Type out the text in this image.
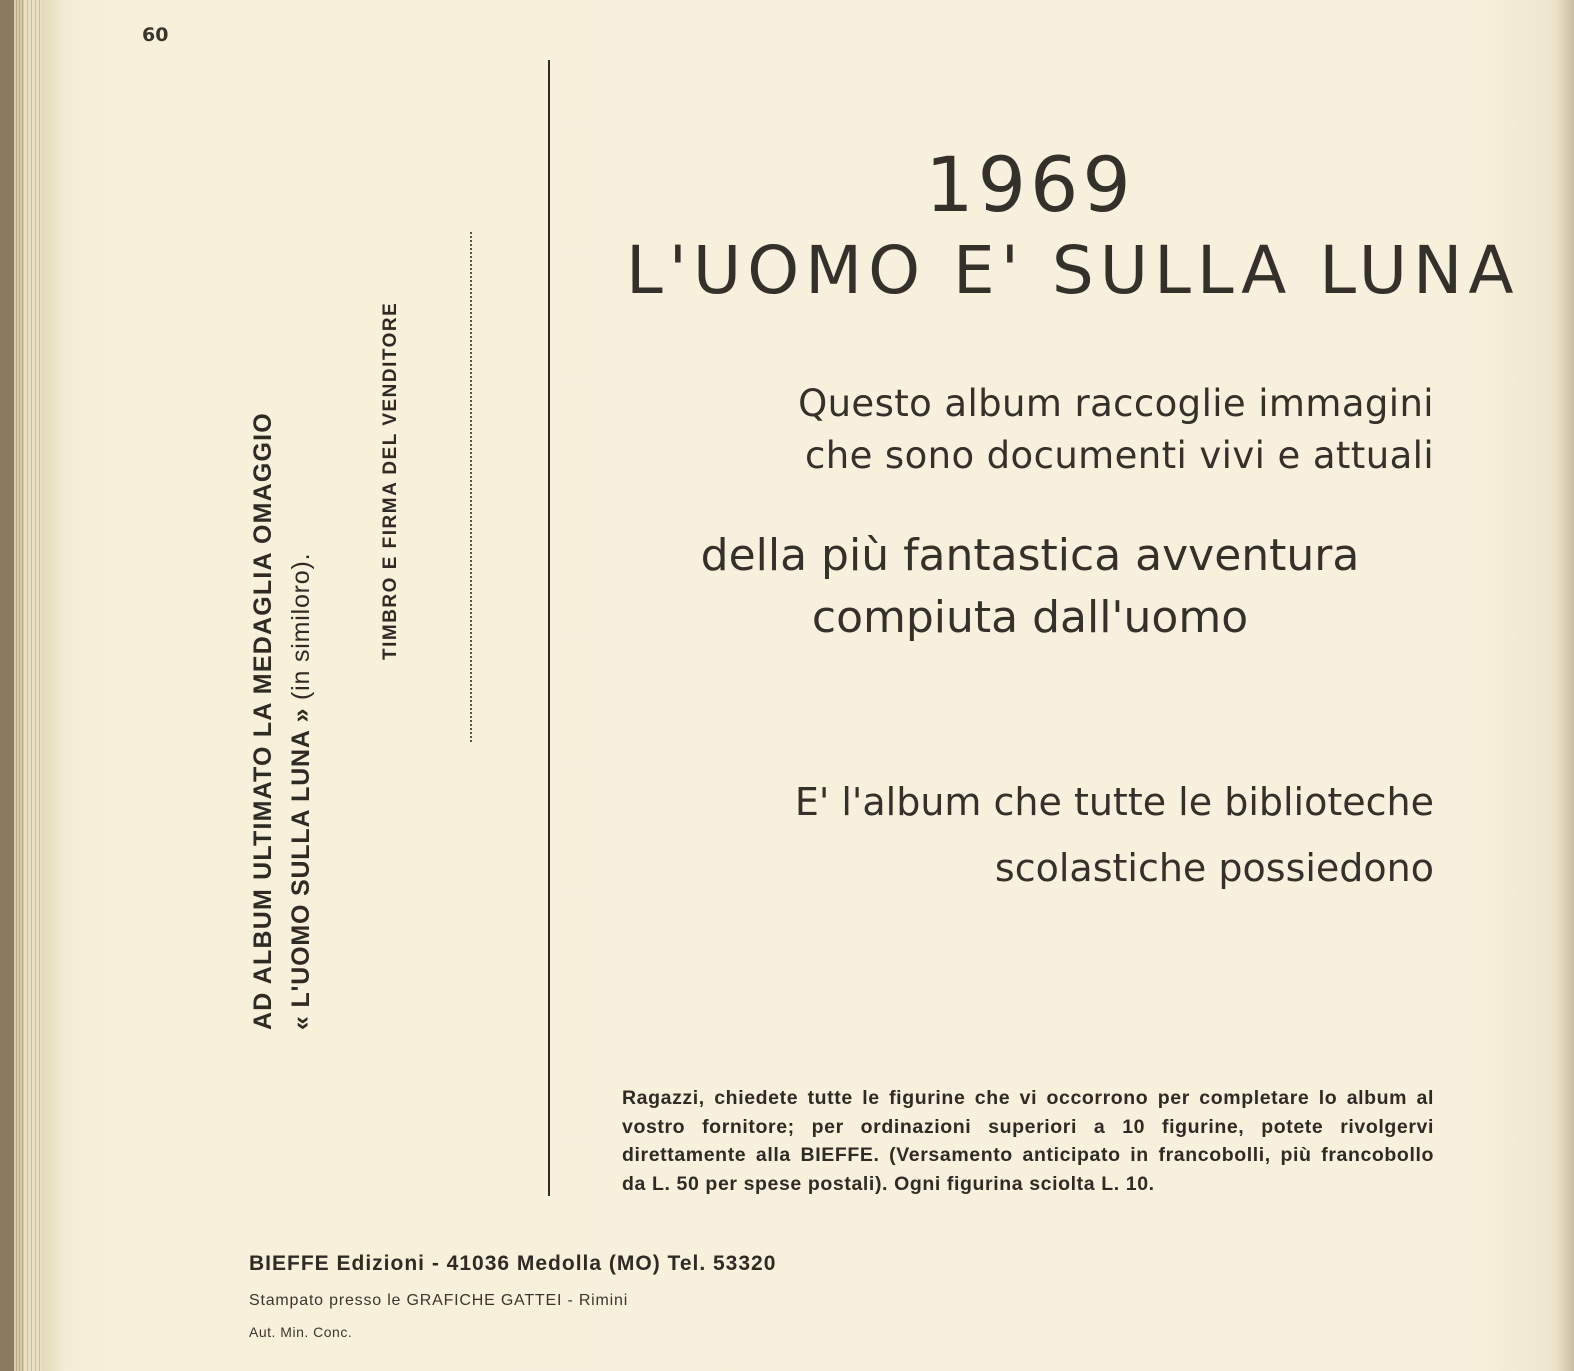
60
AD ALBUM ULTIMATO LA MEDAGLIA OMAGGIO « L'UOMO SULLA LUNA » (in similoro).	TIMBRO E FIRMA DEL VENDITORE
1969
L'UOMO E' SULLA LUNA
Questo album raccoglie immagini
che sono documenti vivi e attuali
della più fantastica avventura
compiuta dall'uomo
E' l'album che tutte le biblioteche
scolastiche possiedono
Ragazzi, chiedete tutte le figurine che vi occorrono per completare lo album al vostro fornitore; per ordinazioni superiori a 10 figurine, potete rivolgervi direttamente alla BIEFFE. (Versamento anticipato in francobolli, più francobollo da L. 50 per spese postali). Ogni figurina sciolta L. 10.
BIEFFE Edizioni - 41036 Medolla (MO) Tel. 53320
Stampato presso le GRAFICHE GATTEI - Rimini
Aut. Min. Conc.
